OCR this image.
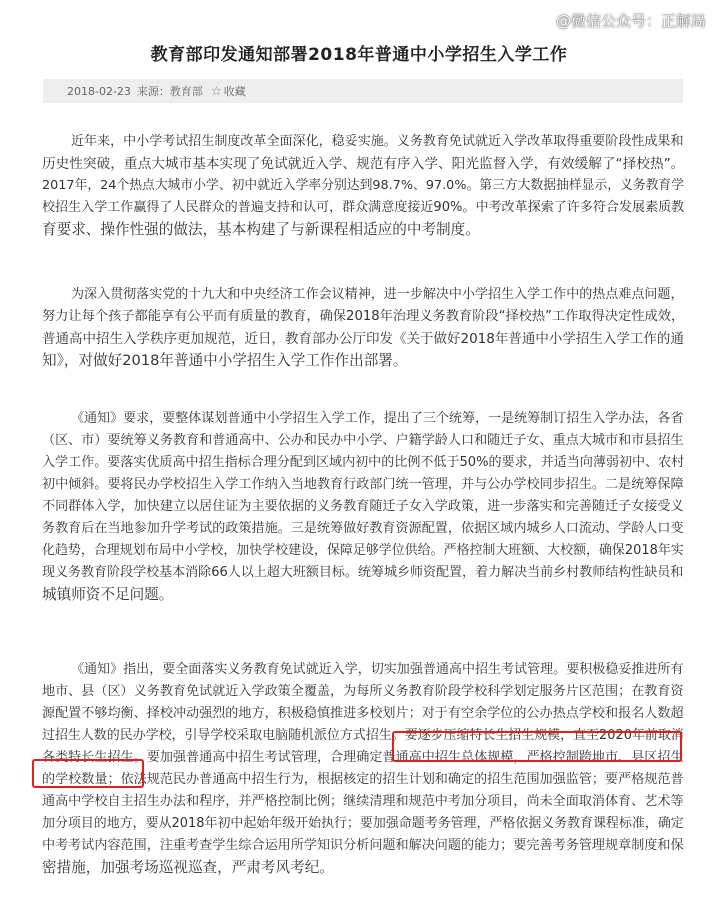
@微信公众号：正解局
教育部印发通知部署2018年普通中小学招生入学工作
2018-02-23 来源：教育部 ☆ 收藏
近年来，中小学考试招生制度改革全面深化，稳妥实施。义务教育免试就近入学改革取得重要阶段性成果和
历史性突破，重点大城市基本实现了免试就近入学、规范有序入学、阳光监督入学，有效缓解了“择校热”。
2017年，24个热点大城市小学、初中就近入学率分别达到98.7%、97.0%。第三方大数据抽样显示，义务教育学
校招生入学工作赢得了人民群众的普遍支持和认可，群众满意度接近90%。中考改革探索了许多符合发展素质教
育要求、操作性强的做法，基本构建了与新课程相适应的中考制度。
为深入贯彻落实党的十九大和中央经济工作会议精神，进一步解决中小学招生入学工作中的热点难点问题，
努力让每个孩子都能享有公平而有质量的教育，确保2018年治理义务教育阶段“择校热”工作取得决定性成效，
普通高中招生入学秩序更加规范，近日，教育部办公厅印发《关于做好2018年普通中小学招生入学工作的通
知》，对做好2018年普通中小学招生入学工作作出部署。
《通知》要求，要整体谋划普通中小学招生入学工作，提出了三个统筹，一是统筹制订招生入学办法，各省
（区、市）要统筹义务教育和普通高中、公办和民办中小学、户籍学龄人口和随迁子女、重点大城市和市县招生
入学工作。要落实优质高中招生指标合理分配到区域内初中的比例不低于50%的要求，并适当向薄弱初中、农村
初中倾斜。要将民办学校招生入学工作纳入当地教育行政部门统一管理，并与公办学校同步招生。二是统筹保障
不同群体入学，加快建立以居住证为主要依据的义务教育随迁子女入学政策，进一步落实和完善随迁子女接受义
务教育后在当地参加升学考试的政策措施。三是统筹做好教育资源配置，依据区域内城乡人口流动、学龄人口变
化趋势，合理规划布局中小学校，加快学校建设，保障足够学位供给。严格控制大班额、大校额，确保2018年实
现义务教育阶段学校基本消除66人以上超大班额目标。统筹城乡师资配置，着力解决当前乡村教师结构性缺员和
城镇师资不足问题。
《通知》指出，要全面落实义务教育免试就近入学，切实加强普通高中招生考试管理。要积极稳妥推进所有
地市、县（区）义务教育免试就近入学政策全覆盖，为每所义务教育阶段学校科学划定服务片区范围；在教育资
源配置不够均衡、择校冲动强烈的地方，积极稳慎推进多校划片；对于有空余学位的公办热点学校和报名人数超
过招生人数的民办学校，引导学校采取电脑随机派位方式招生。要逐步压缩特长生招生规模，直至2020年前取消
各类特长生招生。要加强普通高中招生考试管理，合理确定普通高中招生总体规模，严格控制跨地市、县区招生
的学校数量；依法规范民办普通高中招生行为，根据核定的招生计划和确定的招生范围加强监管；要严格规范普
通高中学校自主招生办法和程序，并严格控制比例；继续清理和规范中考加分项目，尚未全面取消体育、艺术等
加分项目的地方，要从2018年初中起始年级开始执行；要加强命题考务管理，严格依据义务教育课程标准，确定
中考考试内容范围，注重考查学生综合运用所学知识分析问题和解决问题的能力；要完善考务管理规章制度和保
密措施，加强考场巡视巡查，严肃考风考纪。
